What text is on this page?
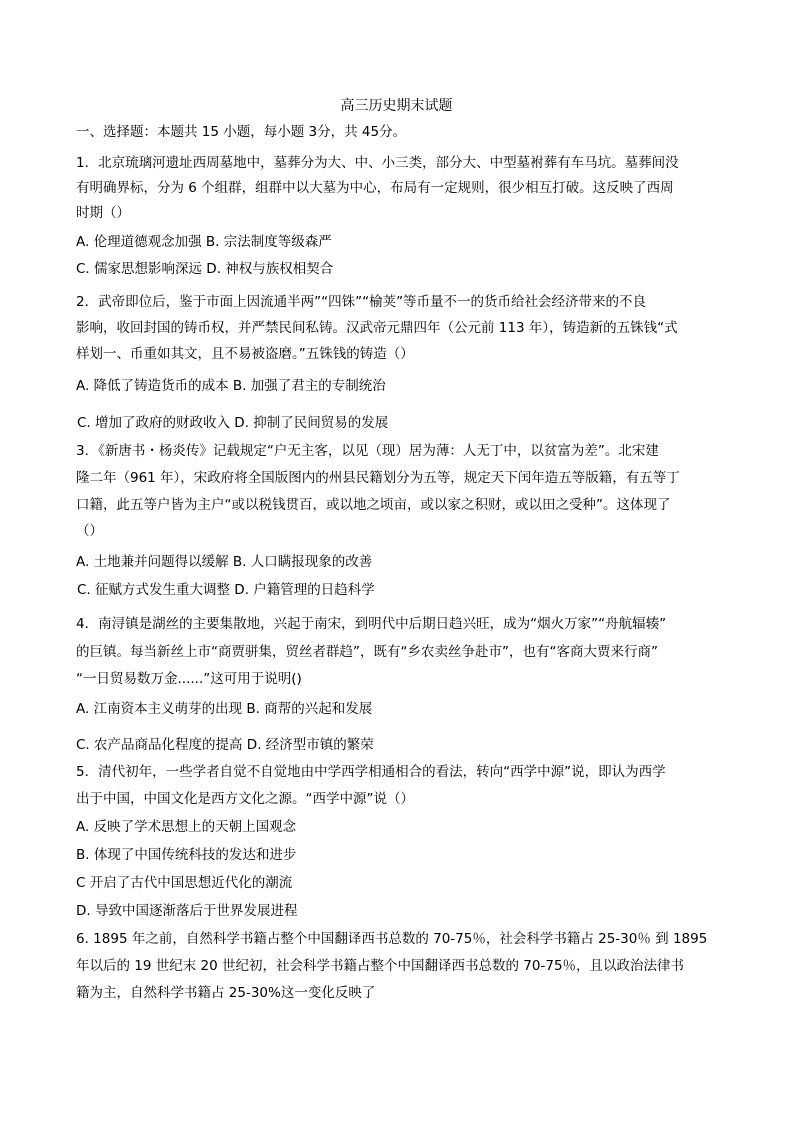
高三历史期末试题
一、选择题：本题共 15 小题，每小题 3分，共 45分。
1．北京琉璃河遗址西周墓地中，墓葬分为大、中、小三类，部分大、中型墓袝葬有车马坑。墓葬间没
有明确界标，分为 6 个组群，组群中以大墓为中心，布局有一定规则，很少相互打破。这反映了西周
时期（）
A. 伦理道德观念加强 B. 宗法制度等级森严
C. 儒家思想影响深远 D. 神权与族权相契合
2．武帝即位后，鉴于市面上因流通半两”“四铢”“榆荚”等币量不一的货币给社会经济带来的不良
影响，收回封国的铸币权，并严禁民间私铸。汉武帝元鼎四年（公元前 113 年），铸造新的五铢钱“式
样划一、币重如其文，且不易被盗磨。”五铢钱的铸造（）
A. 降低了铸造货币的成本 B. 加强了君主的专制统治
C. 增加了政府的财政收入 D. 抑制了民间贸易的发展
3．《新唐书・杨炎传》记载规定“户无主客，以见（现）居为薄：人无丁中，以贫富为差”。北宋建
隆二年（961 年），宋政府将全国版图内的州县民籍划分为五等，规定天下闰年造五等版籍，有五等丁
口籍，此五等户皆为主户“或以税钱贯百，或以地之顷亩，或以家之积财，或以田之受种”。这体现了
（）
A. 土地兼并问题得以缓解 B. 人口瞒报现象的改善
C. 征赋方式发生重大调整 D. 户籍管理的日趋科学
4．南浔镇是湖丝的主要集散地，兴起于南宋，到明代中后期日趋兴旺，成为“烟火万家”“舟航辐辏”
的巨镇。每当新丝上市“商贾骈集，贸丝者群趋”，既有“乡农卖丝争赴市”，也有“客商大贾来行商”
“一日贸易数万金......”这可用于说明()
A. 江南资本主义萌芽的出现 B. 商帮的兴起和发展
C. 农产品商品化程度的提高 D. 经济型市镇的繁荣
5．清代初年，一些学者自觉不自觉地由中学西学相通相合的看法，转向“西学中源”说，即认为西学
出于中国，中国文化是西方文化之源。“西学中源”说（）
A. 反映了学术思想上的天朝上国观念
B. 体现了中国传统科技的发达和进步
C 开启了古代中国思想近代化的潮流
D. 导致中国逐渐落后于世界发展进程
6. 1895 年之前，自然科学书籍占整个中国翻译西书总数的 70-75％，社会科学书籍占 25-30％ 到 1895
年以后的 19 世纪末 20 世纪初，社会科学书籍占整个中国翻译西书总数的 70-75％，且以政治法律书
籍为主，自然科学书籍占 25-30%这一变化反映了
